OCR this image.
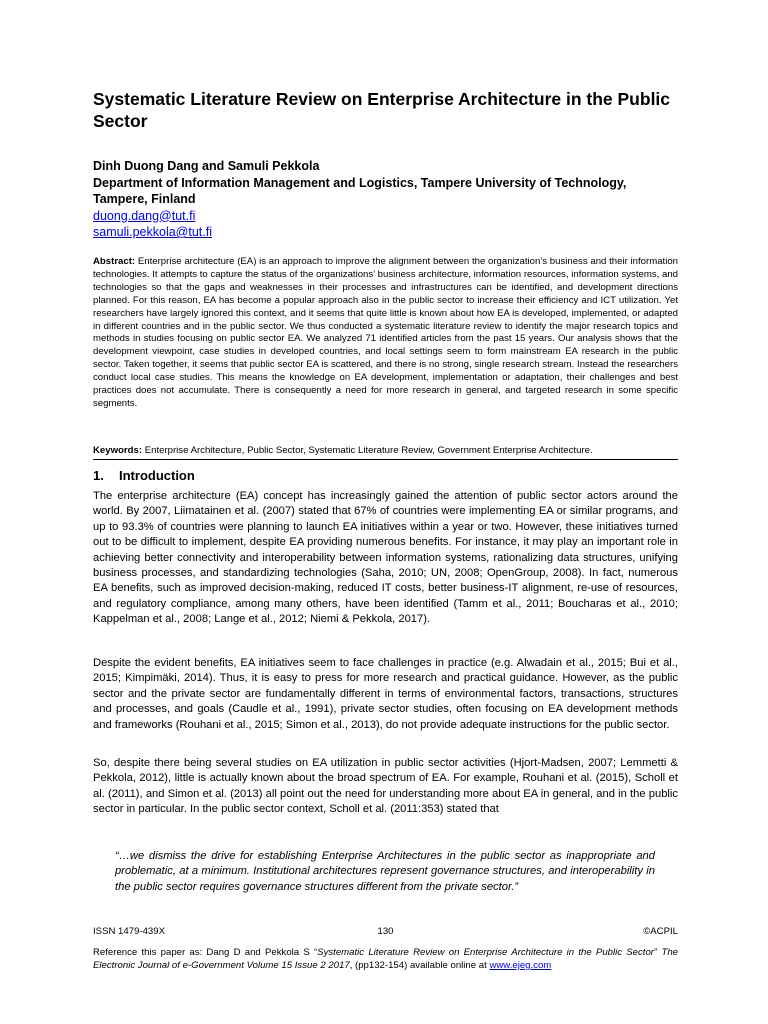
Systematic Literature Review on Enterprise Architecture in the Public Sector
Dinh Duong Dang and Samuli Pekkola
Department of Information Management and Logistics, Tampere University of Technology, Tampere, Finland
duong.dang@tut.fi
samuli.pekkola@tut.fi

Abstract: Enterprise architecture (EA) is an approach to improve the alignment between the organization’s business and their information technologies. It attempts to capture the status of the organizations’ business architecture, information resources, information systems, and technologies so that the gaps and weaknesses in their processes and infrastructures can be identified, and development directions planned. For this reason, EA has become a popular approach also in the public sector to increase their efficiency and ICT utilization. Yet researchers have largely ignored this context, and it seems that quite little is known about how EA is developed, implemented, or adapted in different countries and in the public sector. We thus conducted a systematic literature review to identify the major research topics and methods in studies focusing on public sector EA. We analyzed 71 identified articles from the past 15 years. Our analysis shows that the development viewpoint, case studies in developed countries, and local settings seem to form mainstream EA research in the public sector. Taken together, it seems that public sector EA is scattered, and there is no strong, single research stream. Instead the researchers conduct local case studies. This means the knowledge on EA development, implementation or adaptation, their challenges and best practices does not accumulate. There is consequently a need for more research in general, and targeted research in some specific segments.

Keywords: Enterprise Architecture, Public Sector, Systematic Literature Review, Government Enterprise Architecture.

1. Introduction

The enterprise architecture (EA) concept has increasingly gained the attention of public sector actors around the world. By 2007, Liimatainen et al. (2007) stated that 67% of countries were implementing EA or similar programs, and up to 93.3% of countries were planning to launch EA initiatives within a year or two. However, these initiatives turned out to be difficult to implement, despite EA providing numerous benefits. For instance, it may play an important role in achieving better connectivity and interoperability between information systems, rationalizing data structures, unifying business processes, and standardizing technologies (Saha, 2010; UN, 2008; OpenGroup, 2008). In fact, numerous EA benefits, such as improved decision-making, reduced IT costs, better business-IT alignment, re-use of resources, and regulatory compliance, among many others, have been identified (Tamm et al., 2011; Boucharas et al., 2010; Kappelman et al., 2008; Lange et al., 2012; Niemi & Pekkola, 2017).

Despite the evident benefits, EA initiatives seem to face challenges in practice (e.g. Alwadain et al., 2015; Bui et al., 2015; Kimpimäki, 2014). Thus, it is easy to press for more research and practical guidance. However, as the public sector and the private sector are fundamentally different in terms of environmental factors, transactions, structures and processes, and goals (Caudle et al., 1991), private sector studies, often focusing on EA development methods and frameworks (Rouhani et al., 2015; Simon et al., 2013), do not provide adequate instructions for the public sector.

So, despite there being several studies on EA utilization in public sector activities (Hjort-Madsen, 2007; Lemmetti & Pekkola, 2012), little is actually known about the broad spectrum of EA. For example, Rouhani et al. (2015), Scholl et al. (2011), and Simon et al. (2013) all point out the need for understanding more about EA in general, and in the public sector in particular. In the public sector context, Scholl et al. (2011:353) stated that

“…we dismiss the drive for establishing Enterprise Architectures in the public sector as inappropriate and problematic, at a minimum. Institutional architectures represent governance structures, and interoperability in the public sector requires governance structures different from the private sector.”

130
ISSN 1479-439X	©ACPIL

Reference this paper as: Dang D and Pekkola S “Systematic Literature Review on Enterprise Architecture in the Public Sector” The Electronic Journal of e-Government Volume 15 Issue 2 2017, (pp132-154) available online at www.ejeg.com
